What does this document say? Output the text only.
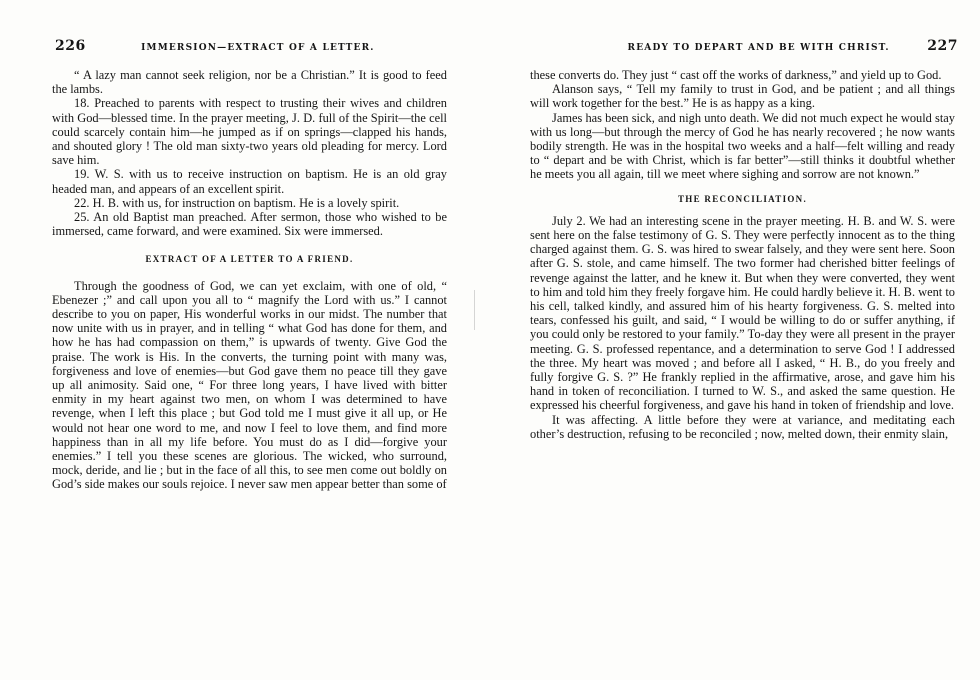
226	IMMERSION—EXTRACT OF A LETTER.

“ A lazy man cannot seek religion, nor be a Christian.” It is good to feed the lambs.

18. Preached to parents with respect to trusting their wives and children with God—blessed time. In the prayer meeting, J. D. full of the Spirit—the cell could scarcely contain him—he jumped as if on springs—clapped his hands, and shouted glory ! The old man sixty-two years old pleading for mercy. Lord save him.

19. W. S. with us to receive instruction on baptism. He is an old gray headed man, and appears of an excellent spirit.

22. H. B. with us, for instruction on baptism. He is a lovely spirit.

25. An old Baptist man preached. After sermon, those who wished to be immersed, came forward, and were examined. Six were immersed.

EXTRACT OF A LETTER TO A FRIEND.

Through the goodness of God, we can yet exclaim, with one of old, “ Ebenezer ;” and call upon you all to “ magnify the Lord with us.” I cannot describe to you on paper, His wonderful works in our midst. The number that now unite with us in prayer, and in telling “ what God has done for them, and how he has had compassion on them,” is upwards of twenty. Give God the praise. The work is His. In the converts, the turning point with many was, forgiveness and love of enemies—but God gave them no peace till they gave up all animosity. Said one, “ For three long years, I have lived with bitter enmity in my heart against two men, on whom I was determined to have revenge, when I left this place ; but God told me I must give it all up, or He would not hear one word to me, and now I feel to love them, and find more happiness than in all my life before. You must do as I did—forgive your enemies.” I tell you these scenes are glorious. The wicked, who surround, mock, deride, and lie ; but in the face of all this, to see men come out boldly on God’s side makes our souls rejoice. I never saw men appear better than some of

READY TO DEPART AND BE WITH CHRIST.	227

these converts do. They just “ cast off the works of darkness,” and yield up to God.

Alanson says, “ Tell my family to trust in God, and be patient ; and all things will work together for the best.” He is as happy as a king.

James has been sick, and nigh unto death. We did not much expect he would stay with us long—but through the mercy of God he has nearly recovered ; he now wants bodily strength. He was in the hospital two weeks and a half—felt willing and ready to “ depart and be with Christ, which is far better”—still thinks it doubtful whether he meets you all again, till we meet where sighing and sorrow are not known.”

THE RECONCILIATION.

July 2. We had an interesting scene in the prayer meeting. H. B. and W. S. were sent here on the false testimony of G. S. They were perfectly innocent as to the thing charged against them. G. S. was hired to swear falsely, and they were sent here. Soon after G. S. stole, and came himself. The two former had cherished bitter feelings of revenge against the latter, and he knew it. But when they were converted, they went to him and told him they freely forgave him. He could hardly believe it. H. B. went to his cell, talked kindly, and assured him of his hearty forgiveness. G. S. melted into tears, confessed his guilt, and said, “ I would be willing to do or suffer anything, if you could only be restored to your family.” To-day they were all present in the prayer meeting. G. S. professed repentance, and a determination to serve God ! I addressed the three. My heart was moved ; and before all I asked, “ H. B., do you freely and fully forgive G. S. ?” He frankly replied in the affirmative, arose, and gave him his hand in token of reconciliation. I turned to W. S., and asked the same question. He expressed his cheerful forgiveness, and gave his hand in token of friendship and love.

It was affecting. A little before they were at variance, and meditating each other’s destruction, refusing to be reconciled ; now, melted down, their enmity slain,
